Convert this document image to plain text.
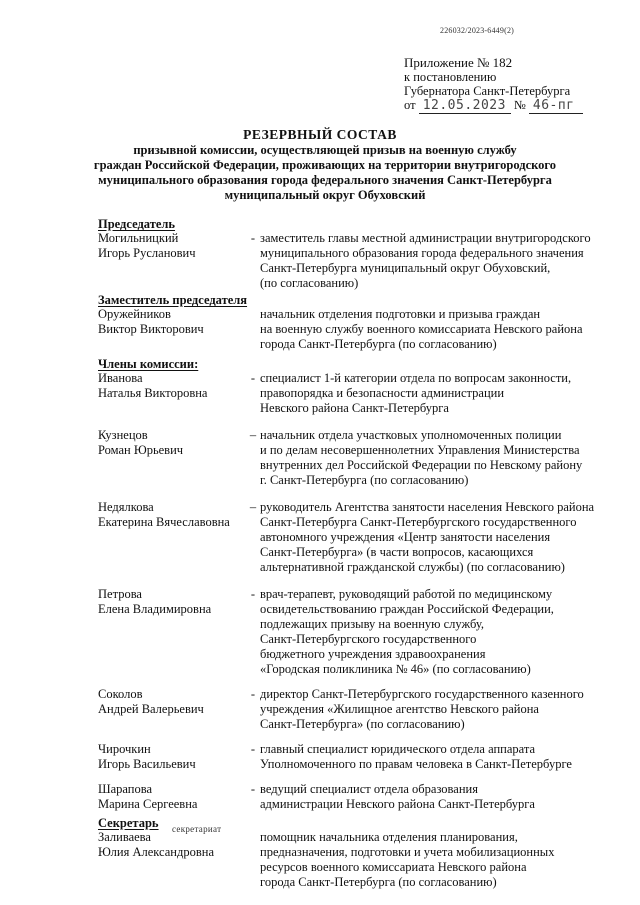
226032/2023-6449(2)
Приложение № 182
к постановлению
Губернатора Санкт-Петербурга
от 12.05.2023 № 46-пг
РЕЗЕРВНЫЙ СОСТАВ
призывной комиссии, осуществляющей призыв на военную службу
граждан Российской Федерации, проживающих на территории внутригородского
муниципального образования города федерального значения Санкт-Петербурга
муниципальный округ Обуховский
Председатель
Могильницкий
Игорь Русланович
- заместитель главы местной администрации внутригородского
муниципального образования города федерального значения
Санкт-Петербурга муниципальный округ Обуховский,
(по согласованию)
Заместитель председателя
Оружейников
Виктор Викторович
начальник отделения подготовки и призыва граждан
на военную службу военного комиссариата Невского района
города Санкт-Петербурга (по согласованию)
Члены комиссии:
Иванова
Наталья Викторовна
- специалист 1-й категории отдела по вопросам законности,
правопорядка и безопасности администрации
Невского района Санкт-Петербурга
Кузнецов
Роман Юрьевич
– начальник отдела участковых уполномоченных полиции
и по делам несовершеннолетних Управления Министерства
внутренних дел Российской Федерации по Невскому району
г. Санкт-Петербурга (по согласованию)
Недялкова
Екатерина Вячеславовна
– руководитель Агентства занятости населения Невского района
Санкт-Петербурга Санкт-Петербургского государственного
автономного учреждения «Центр занятости населения
Санкт-Петербурга» (в части вопросов, касающихся
альтернативной гражданской службы) (по согласованию)
Петрова
Елена Владимировна
- врач-терапевт, руководящий работой по медицинскому
освидетельствованию граждан Российской Федерации,
подлежащих призыву на военную службу,
Санкт-Петербургского государственного
бюджетного учреждения здравоохранения
«Городская поликлиника № 46» (по согласованию)
Соколов
Андрей Валерьевич
- директор Санкт-Петербургского государственного казенного
учреждения «Жилищное агентство Невского района
Санкт-Петербурга» (по согласованию)
Чирочкин
Игорь Васильевич
- главный специалист юридического отдела аппарата
Уполномоченного по правам человека в Санкт-Петербурге
Шарапова
Марина Сергеевна
- ведущий специалист отдела образования
администрации Невского района Санкт-Петербурга
Секретарь
Заливаева
Юлия Александровна
помощник начальника отделения планирования,
предназначения, подготовки и учета мобилизационных
ресурсов военного комиссариата Невского района
города Санкт-Петербурга (по согласованию)
секретариат
